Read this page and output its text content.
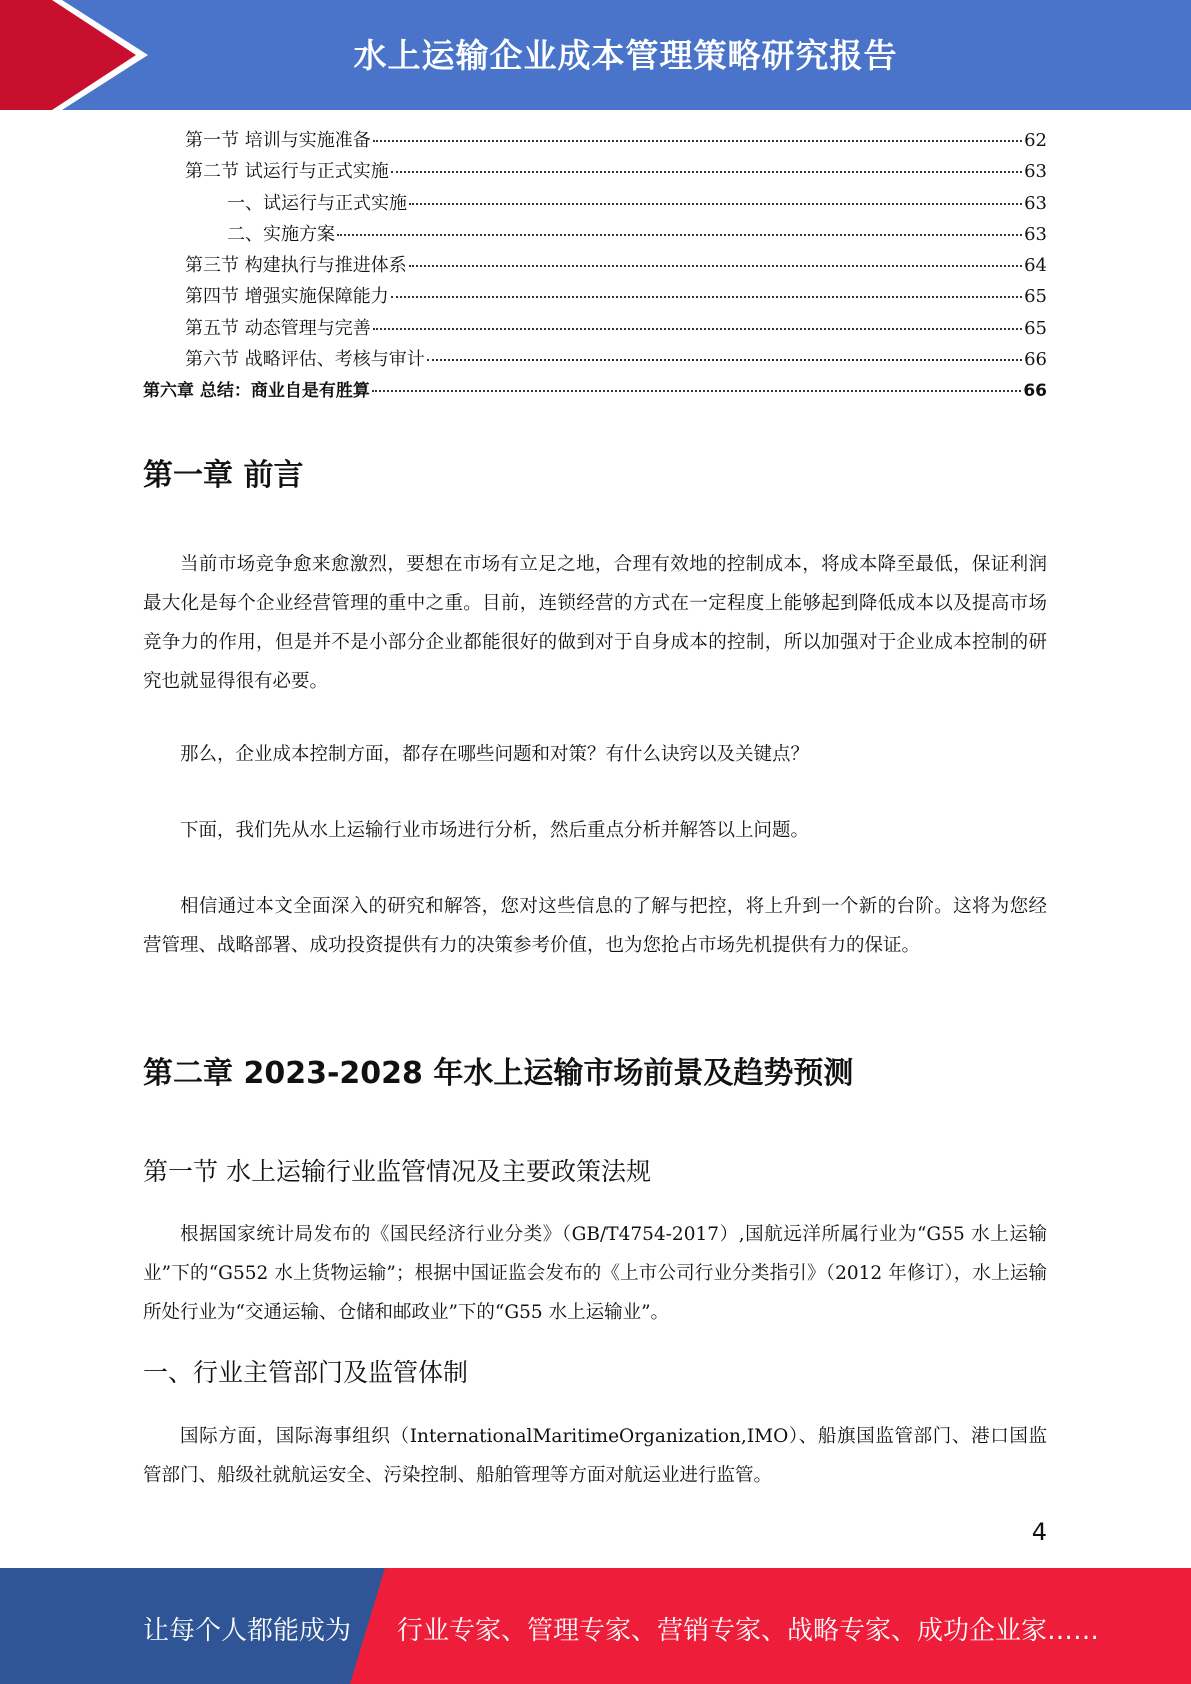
水上运输企业成本管理策略研究报告
第一节 培训与实施准备	62
第二节 试运行与正式实施	63
一、试运行与正式实施	63
二、实施方案	63
第三节 构建执行与推进体系	64
第四节 增强实施保障能力	65
第五节 动态管理与完善	65
第六节 战略评估、考核与审计	66
第六章 总结：商业自是有胜算	66
第一章 前言

当前市场竞争愈来愈激烈，要想在市场有立足之地，合理有效地的控制成本，将成本降至最低，保证利润最大化是每个企业经营管理的重中之重。目前，连锁经营的方式在一定程度上能够起到降低成本以及提高市场竞争力的作用，但是并不是小部分企业都能很好的做到对于自身成本的控制，所以加强对于企业成本控制的研究也就显得很有必要。

那么，企业成本控制方面，都存在哪些问题和对策？有什么诀窍以及关键点？

下面，我们先从水上运输行业市场进行分析，然后重点分析并解答以上问题。

相信通过本文全面深入的研究和解答，您对这些信息的了解与把控，将上升到一个新的台阶。这将为您经营管理、战略部署、成功投资提供有力的决策参考价值，也为您抢占市场先机提供有力的保证。

第二章 2023-2028 年水上运输市场前景及趋势预测
第一节 水上运输行业监管情况及主要政策法规

根据国家统计局发布的《国民经济行业分类》（GB/T4754-2017）,国航远洋所属行业为“G55 水上运输业”下的“G552 水上货物运输”；根据中国证监会发布的《上市公司行业分类指引》（2012 年修订），水上运输所处行业为“交通运输、仓储和邮政业”下的“G55 水上运输业”。

一、行业主管部门及监管体制

国际方面，国际海事组织（InternationalMaritimeOrganization,IMO）、船旗国监管部门、港口国监管部门、船级社就航运安全、污染控制、船舶管理等方面对航运业进行监管。

4
让每个人都能成为 行业专家、管理专家、营销专家、战略专家、成功企业家……
